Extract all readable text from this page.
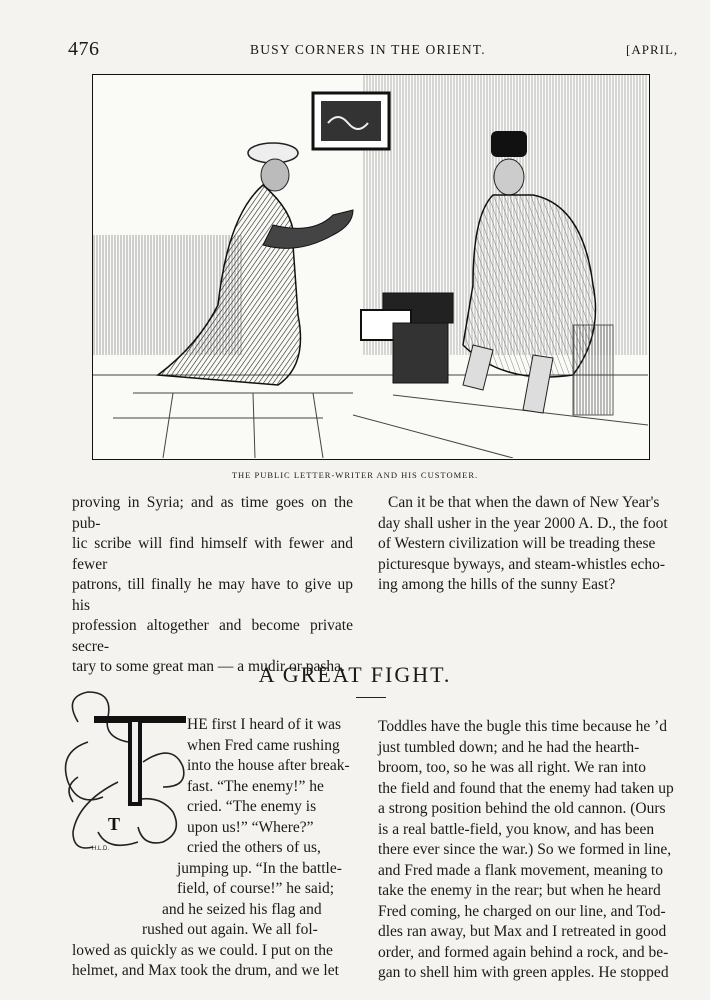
476	BUSY CORNERS IN THE ORIENT.	[APRIL,
THE PUBLIC LETTER-WRITER AND HIS CUSTOMER.
proving in Syria; and as time goes on the pub-
lic scribe will find himself with fewer and fewer
patrons, till finally he may have to give up his
profession altogether and become private secre-
tary to some great man — a mudir or pasha.
Can it be that when the dawn of New Year's
day shall usher in the year 2000 A. D., the foot
of Western civilization will be treading these
picturesque byways, and steam-whistles echo-
ing among the hills of the sunny East?
A GREAT FIGHT.
T
H.L.D.
HE first I heard of it was
when Fred came rushing
into the house after break-
fast. “The enemy!” he
cried. “The enemy is
upon us!” “Where?”
cried the others of us,
jumping up. “In the battle-
field, of course!” he said;
and he seized his flag and
rushed out again. We all fol-
lowed as quickly as we could. I put on the
helmet, and Max took the drum, and we let
Toddles have the bugle this time because he ’d
just tumbled down; and he had the hearth-
broom, too, so he was all right. We ran into
the field and found that the enemy had taken up
a strong position behind the old cannon. (Ours
is a real battle-field, you know, and has been
there ever since the war.) So we formed in line,
and Fred made a flank movement, meaning to
take the enemy in the rear; but when he heard
Fred coming, he charged on our line, and Tod-
dles ran away, but Max and I retreated in good
order, and formed again behind a rock, and be-
gan to shell him with green apples. He stopped
